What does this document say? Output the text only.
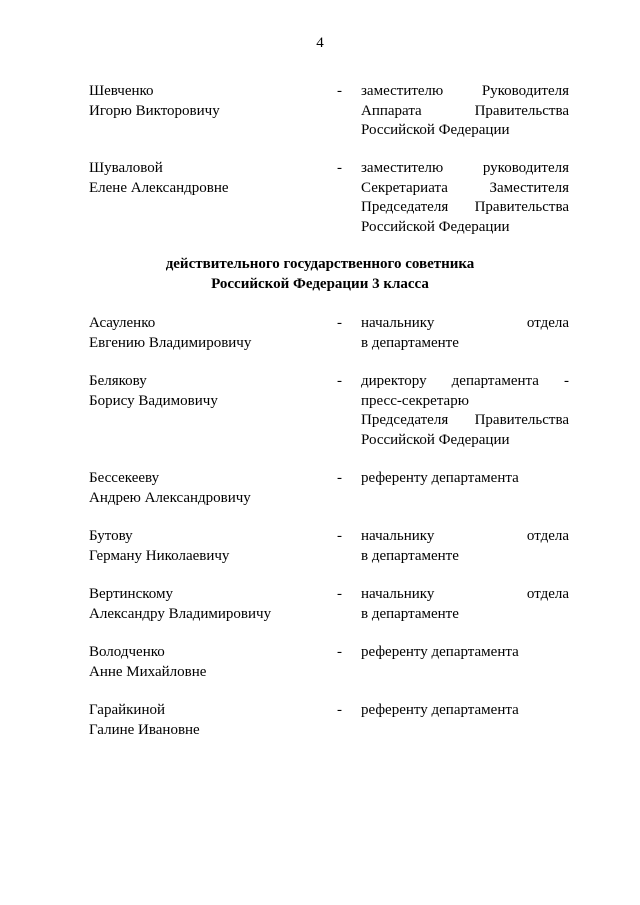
4
Шевченко
Игорю Викторовичу
- заместителю Руководителя
Аппарата Правительства
Российской Федерации
Шуваловой
Елене Александровне
- заместителю руководителя
Секретариата Заместителя
Председателя Правительства
Российской Федерации
действительного государственного советника
Российской Федерации 3 класса
Асауленко
Евгению Владимировичу
- начальнику отдела
в департаменте
Белякову
Борису Вадимовичу
- директору департамента -
пресс-секретарю
Председателя Правительства
Российской Федерации
Бессекееву
Андрею Александровичу
- референту департамента
Бутову
Герману Николаевичу
- начальнику отдела
в департаменте
Вертинскому
Александру Владимировичу
- начальнику отдела
в департаменте
Володченко
Анне Михайловне
- референту департамента
Гарайкиной
Галине Ивановне
- референту департамента
